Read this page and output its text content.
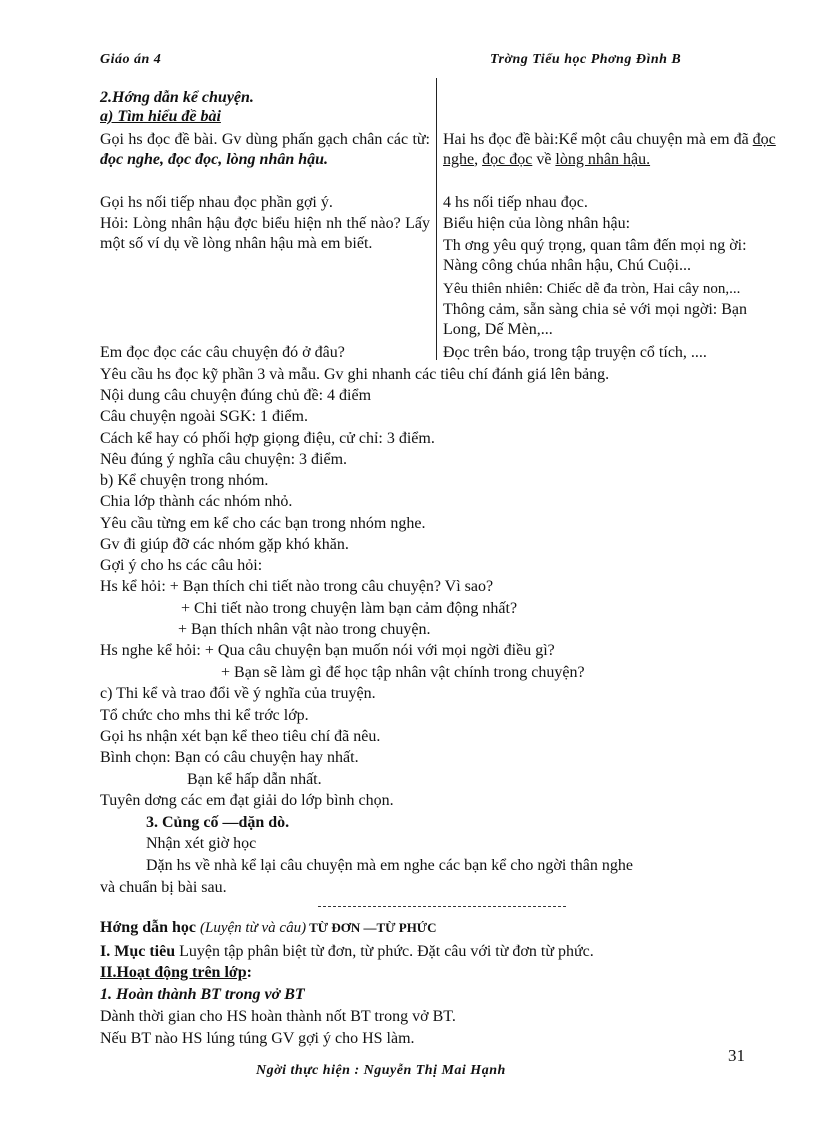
Giáo án 4	Trờng Tiểu học Phơng Đình B
2.Hớng dẫn kể chuyện.
a) Tìm hiểu đề bài
Gọi hs đọc đề bài. Gv dùng phấn gạch chân các từ: đọc nghe, đọc đọc, lòng nhân hậu.
Gọi hs nối tiếp nhau đọc phần gợi ý.
Hỏi: Lòng nhân hậu đợc biểu hiện nh thế nào? Lấy một số ví dụ về lòng nhân hậu mà em biết.
Em đọc đọc các câu chuyện đó ở đâu?
Hai hs đọc đề bài:Kể một câu chuyện mà em đã đọc nghe, đọc đọc về lòng nhân hậu.
4 hs nối tiếp nhau đọc.
Biểu hiện của lòng nhân hậu:
Th ơng yêu quý trọng, quan tâm đến mọi ng ời: Nàng công chúa nhân hậu, Chú Cuội...
Yêu thiên nhiên: Chiếc dễ đa tròn, Hai cây non,...
Thông cảm, sẵn sàng chia sẻ với mọi ngời: Bạn Long, Dế Mèn,...
Đọc trên báo, trong tập truyện cổ tích, ....
Yêu cầu hs đọc kỹ phần 3 và mẫu. Gv ghi nhanh các tiêu chí đánh giá lên bảng.
Nội dung câu chuyện đúng chủ đề: 4 điểm
Câu chuyện ngoài SGK: 1 điểm.
Cách kể hay có phối hợp giọng điệu, cử chỉ: 3 điểm.
Nêu đúng ý nghĩa câu chuyện: 3 điểm.
b) Kể chuyện trong nhóm.
Chia lớp thành các nhóm nhỏ.
Yêu cầu từng em kể cho các bạn trong nhóm nghe.
Gv đi giúp đỡ các nhóm gặp khó khăn.
Gợi ý cho hs các câu hỏi:
Hs kể hỏi: + Bạn thích chi tiết nào trong câu chuyện? Vì sao?
+ Chi tiết nào trong chuyện làm bạn cảm động nhất?
+ Bạn thích nhân vật nào trong chuyện.
Hs nghe kể hỏi: + Qua câu chuyện bạn muốn nói với mọi ngời điều gì?
+ Bạn sẽ làm gì để học tập nhân vật chính trong chuyện?
c) Thi kể và trao đổi về ý nghĩa của truyện.
Tổ chức cho mhs thi kể trớc lớp.
Gọi hs nhận xét bạn kể theo tiêu chí đã nêu.
Bình chọn: Bạn có câu chuyện hay nhất.
Bạn kể hấp dẫn nhất.
Tuyên dơng các em đạt giải do lớp bình chọn.
3. Củng cố —dặn dò.
Nhận xét giờ học
Dặn hs về nhà kể lại câu chuyện mà em nghe các bạn kể cho ngời thân nghe
và chuẩn bị bài sau.
Hớng dẫn học (Luyện từ và câu) TỪ ĐƠN —TỪ PHỨC
I. Mục tiêu Luyện tập phân biệt từ đơn, từ phức. Đặt câu với từ đơn từ phức.
II.Hoạt động trên lớp:
1. Hoàn thành BT trong vở BT
Dành thời gian cho HS hoàn thành nốt BT trong vở BT.
Nếu BT nào HS lúng túng GV gợi ý cho HS làm.
31
Ngời thực hiện : Nguyễn Thị Mai Hạnh
